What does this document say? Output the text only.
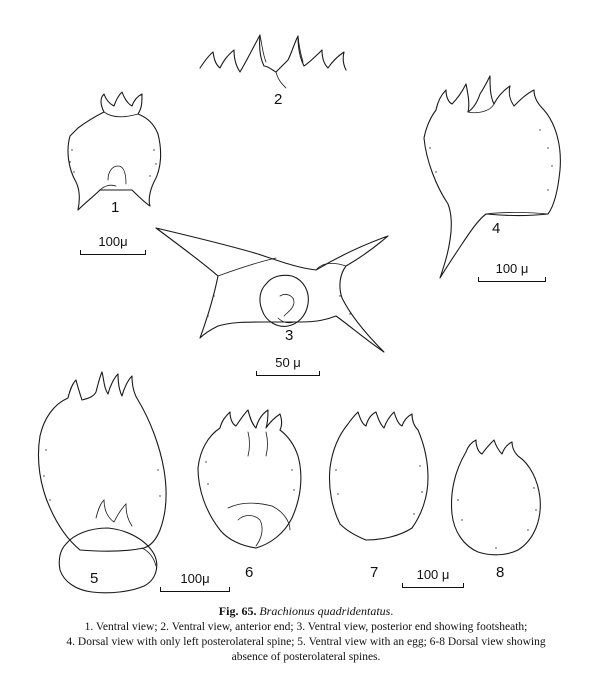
2
1
4
3
5	6	7	8
100μ
50 μ
100 μ
100μ	100 μ
Fig. 65. Brachionus quadridentatus.
1. Ventral view; 2. Ventral view, anterior end; 3. Ventral view, posterior end showing footsheath;
4. Dorsal view with only left posterolateral spine; 5. Ventral view with an egg; 6-8 Dorsal view showing
absence of posterolateral spines.
